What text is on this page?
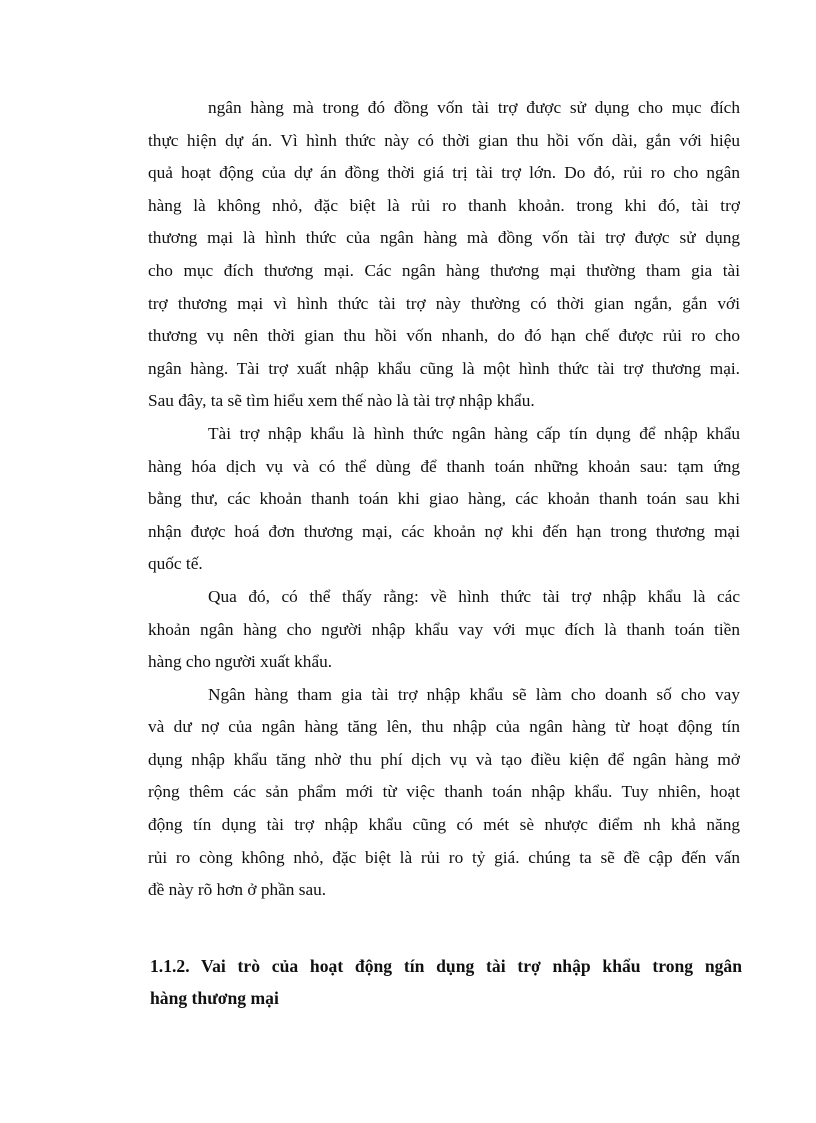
ngân hàng mà trong đó đồng vốn tài trợ được sử dụng cho mục đích
thực hiện dự án. Vì hình thức này có thời gian thu hồi vốn dài, gắn với hiệu
quả hoạt động của dự án đồng thời giá trị tài trợ lớn. Do đó, rủi ro cho ngân
hàng là không nhỏ, đặc biệt là rủi ro thanh khoản. trong khi đó, tài trợ
thương mại là hình thức của ngân hàng mà đồng vốn tài trợ được sử dụng
cho mục đích thương mại. Các ngân hàng thương mại thường tham gia tài
trợ thương mại vì hình thức tài trợ này thường có thời gian ngắn, gắn với
thương vụ nên thời gian thu hồi vốn nhanh, do đó hạn chế được rủi ro cho
ngân hàng. Tài trợ xuất nhập khẩu cũng là một hình thức tài trợ thương mại.
Sau đây, ta sẽ tìm hiểu xem thế nào là tài trợ nhập khẩu.
Tài trợ nhập khẩu là hình thức ngân hàng cấp tín dụng để nhập khẩu
hàng hóa dịch vụ và có thể dùng để thanh toán những khoản sau: tạm ứng
bằng thư, các khoản thanh toán khi giao hàng, các khoản thanh toán sau khi
nhận được hoá đơn thương mại, các khoản nợ khi đến hạn trong thương mại
quốc tế.
Qua đó, có thể thấy rằng: về hình thức tài trợ nhập khẩu là các
khoản ngân hàng cho người nhập khẩu vay với mục đích là thanh toán tiền
hàng cho người xuất khẩu.
Ngân hàng tham gia tài trợ nhập khẩu sẽ làm cho doanh số cho vay
và dư nợ của ngân hàng tăng lên, thu nhập của ngân hàng từ hoạt động tín
dụng nhập khẩu tăng nhờ thu phí dịch vụ và tạo điều kiện để ngân hàng mở
rộng thêm các sản phẩm mới từ việc thanh toán nhập khẩu. Tuy nhiên, hoạt
động tín dụng tài trợ nhập khẩu cũng có mét sè nhược điểm nh khả năng
rủi ro còng không nhỏ, đặc biệt là rủi ro tỷ giá. chúng ta sẽ đề cập đến vấn
đề này rõ hơn ở phần sau.
1.1.2. Vai trò của hoạt động tín dụng tài trợ nhập khẩu trong ngân
hàng thương mại
